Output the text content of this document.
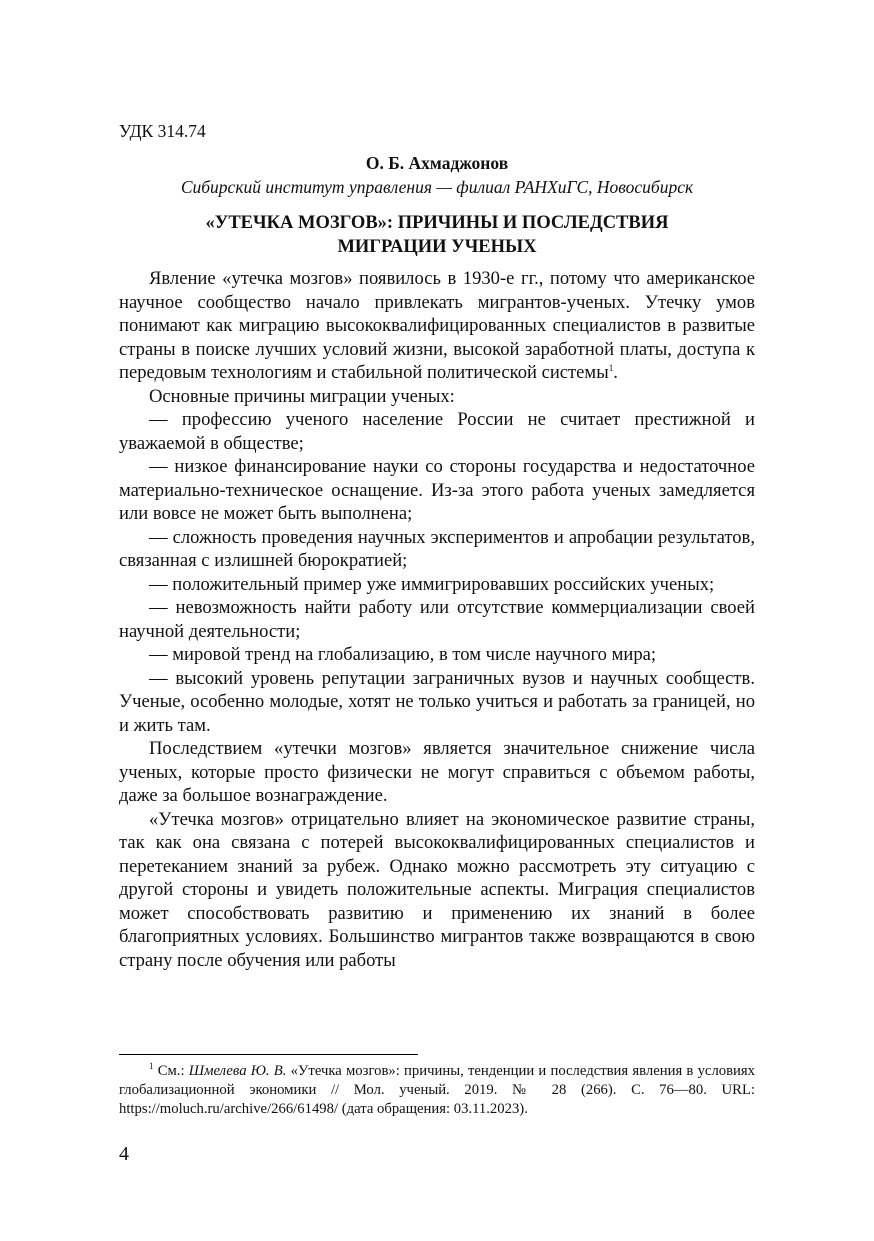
УДК 314.74
О. Б. Ахмаджонов
Сибирский институт управления — филиал РАНХиГС, Новосибирск
«УТЕЧКА МОЗГОВ»: ПРИЧИНЫ И ПОСЛЕДСТВИЯ
МИГРАЦИИ УЧЕНЫХ

Явление «утечка мозгов» появилось в 1930-е гг., потому что американское научное сообщество начало привлекать мигрантов-ученых. Утечку умов понимают как миграцию высококвалифицированных специалистов в развитые страны в поиске лучших условий жизни, высокой заработной платы, доступа к передовым технологиям и стабильной политической системы$^1$.

Основные причины миграции ученых:

— профессию ученого население России не считает престижной и уважаемой в обществе;

— низкое финансирование науки со стороны государства и недостаточное материально-техническое оснащение. Из-за этого работа ученых замедляется или вовсе не может быть выполнена;

— сложность проведения научных экспериментов и апробации результатов, связанная с излишней бюрократией;

— положительный пример уже иммигрировавших российских ученых;

— невозможность найти работу или отсутствие коммерциализации своей научной деятельности;

— мировой тренд на глобализацию, в том числе научного мира;

— высокий уровень репутации заграничных вузов и научных сообществ. Ученые, особенно молодые, хотят не только учиться и работать за границей, но и жить там.

Последствием «утечки мозгов» является значительное снижение числа ученых, которые просто физически не могут справиться с объемом работы, даже за большое вознаграждение.

«Утечка мозгов» отрицательно влияет на экономическое развитие страны, так как она связана с потерей высококвалифицированных специалистов и перетеканием знаний за рубеж. Однако можно рассмотреть эту ситуацию с другой стороны и увидеть положительные аспекты. Миграция специалистов может способствовать развитию и применению их знаний в более благоприятных условиях. Большинство мигрантов также возвращаются в свою страну после обучения или работы

$^1$ См.: Шмелева Ю. В. «Утечка мозгов»: причины, тенденции и последствия явления в условиях глобализационной экономики // Мол. ученый. 2019. № 28 (266). С. 76—80. URL: https://moluch.ru/archive/266/61498/ (дата обращения: 03.11.2023).
4
